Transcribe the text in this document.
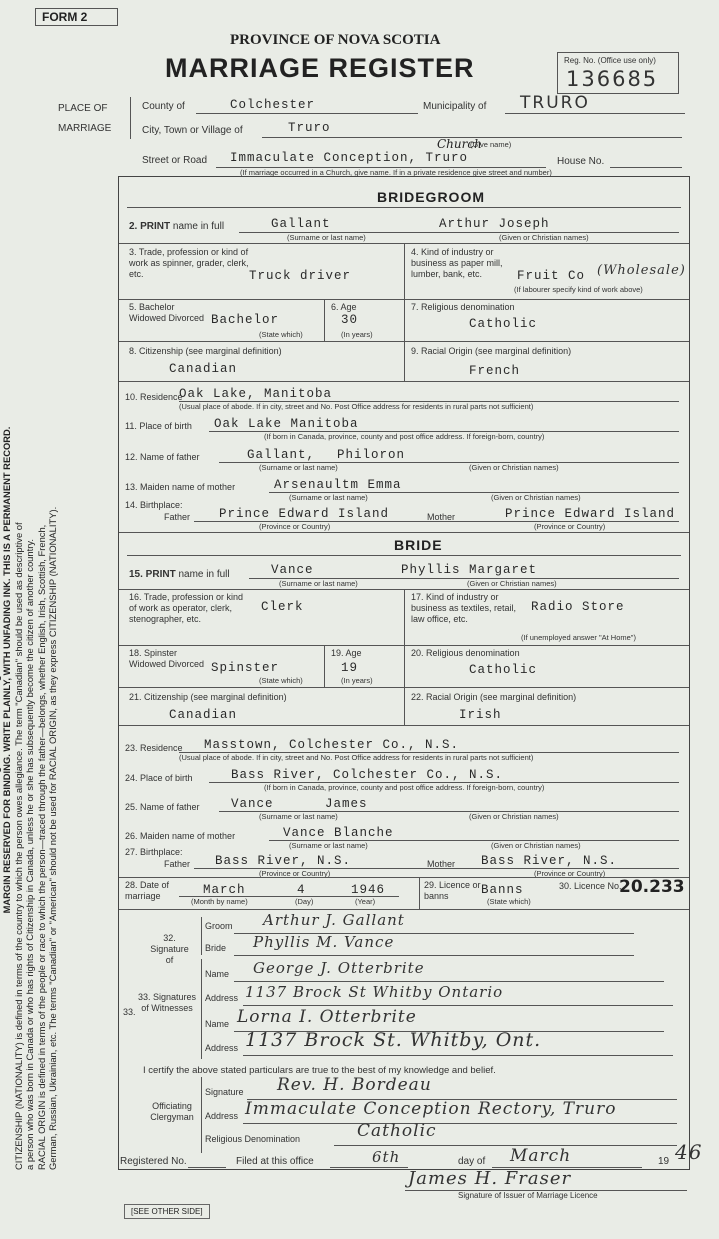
MARGIN RESERVED FOR BINDING. WRITE PLAINLY, WITH UNFADING INK. THIS IS A PERMANENT RECORD. CITIZENSHIP (NATIONALITY) is defined in terms of the country to which the person owes allegiance. The term "Canadian" should be used as descriptive of a person who was born in Canada or who has rights of Citizenship in Canada, unless he or she has subsequently become the citizen of another country. RACIAL ORIGIN is defined in terms of the people or race to which the person—traced through the father—belongs, whether English, Irish, Scottish, French, German, Russian, Ukrainian, etc. The terms "Canadian" or "American" should not be used for RACIAL ORIGIN, as they express CITIZENSHIP (NATIONALITY).
FORM 2
PROVINCE OF NOVA SCOTIA
MARRIAGE REGISTER	Reg. No. (Office use only)
136685
PLACE OF
MARRIAGE
County of	Colchester	Municipality of TRURO
City, Town or Village of	Truro
Street or Road Immaculate Conception, Truro
Church
(Give name)
House No.
(If marriage occurred in a Church, give name. If in a private residence give street and number)
BRIDEGROOM
2. PRINT name in full	Gallant	Arthur Joseph
(Surname or last name)	(Given or Christian names)
3. Trade, profession or kind of work as spinner, grader, clerk, etc.	Truck driver
4. Kind of industry or business as paper mill, lumber, bank, etc.	Fruit Co (Wholesale)
(If labourer specify kind of work above)
5. Bachelor Widowed Divorced Bachelor
(State which)
6. Age
30
(In years)
7. Religious denomination
Catholic
8. Citizenship (see marginal definition)
Canadian
9. Racial Origin (see marginal definition)
French
10. Residence
Oak Lake, Manitoba
(Usual place of abode. If in city, street and No. Post Office address for residents in rural parts not sufficient)
11. Place of birth Oak Lake Manitoba
(If born in Canada, province, county and post office address. If foreign-born, country)
12. Name of father	Gallant, Philoron
(Surname or last name)	(Given or Christian names)
13. Maiden name of mother	Arsenaultm Emma
(Surname or last name)	(Given or Christian names)
14. Birthplace:
Father Prince Edward Island	Mother	Prince Edward Island
(Province or Country)	(Province or Country)
BRIDE
15. PRINT name in full	Vance	Phyllis Margaret
(Surname or last name)	(Given or Christian names)
16. Trade, profession or kind of work as operator, clerk, stenographer, etc.
Clerk
17. Kind of industry or business as textiles, retail, law office, etc.
Radio Store
(If unemployed answer "At Home")
18. Spinster Widowed Divorced Spinster
(State which)
19. Age
19
(In years)
20. Religious denomination
Catholic
21. Citizenship (see marginal definition)
Canadian
22. Racial Origin (see marginal definition)
Irish
23. Residence Masstown, Colchester Co., N.S.
(Usual place of abode. If in city, street and No. Post Office address for residents in rural parts not sufficient)
24. Place of birth	Bass River, Colchester Co., N.S.
(If born in Canada, province, county and post office address. If foreign-born, country)
25. Name of father	Vance	James
(Surname or last name)	(Given or Christian names)
26. Maiden name of mother	Vance Blanche
(Surname or last name)	(Given or Christian names)
27. Birthplace:
Father Bass River, N.S.	Mother Bass River, N.S.
(Province or Country)	(Province or Country)
28. Date of marriage	March	4	1946
(Month by name)	(Day)	(Year)
29. Licence or banns	Banns
(State which)
30. Licence No.
20.233
32. Signature of
Groom Arthur J. Gallant
Bride Phyllis M. Vance
33.
33. Signatures of Witnesses
Name George J. Otterbrite
Address 1137 Brock St Whitby Ontario
Name Lorna I. Otterbrite
Address 1137 Brock St. Whitby, Ont.
I certify the above stated particulars are true to the best of my knowledge and belief.
Officiating Clergyman
Signature Rev. H. Bordeau
Address Immaculate Conception Rectory, Truro
Religious Denomination	Catholic
Registered No.	Filed at this office	6th	day of March	19 46
James H. Fraser
Signature of Issuer of Marriage Licence
[SEE OTHER SIDE]
